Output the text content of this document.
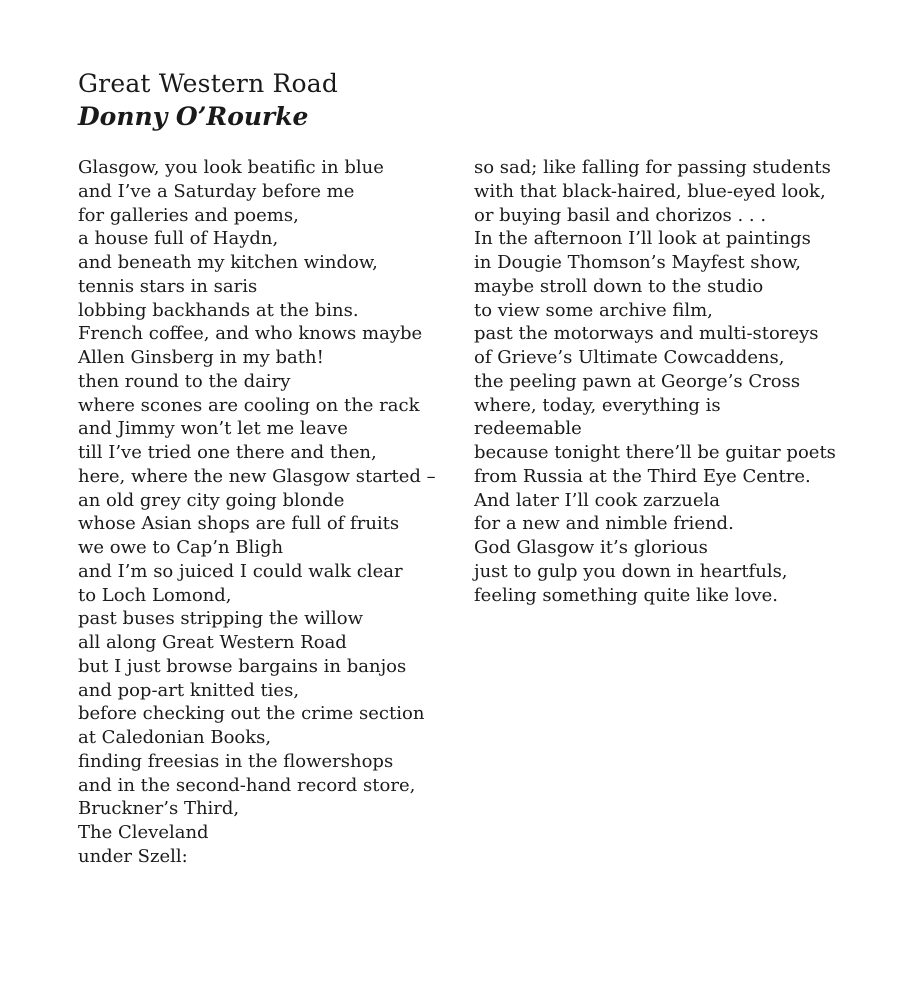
Great Western Road
Donny O’Rourke
Glasgow, you look beatific in blue
and I’ve a Saturday before me
for galleries and poems,
a house full of Haydn,
and beneath my kitchen window,
tennis stars in saris
lobbing backhands at the bins.
French coffee, and who knows maybe
Allen Ginsberg in my bath!
then round to the dairy
where scones are cooling on the rack
and Jimmy won’t let me leave
till I’ve tried one there and then,
here, where the new Glasgow started –
an old grey city going blonde
whose Asian shops are full of fruits
we owe to Cap’n Bligh
and I’m so juiced I could walk clear
to Loch Lomond,
past buses stripping the willow
all along Great Western Road
but I just browse bargains in banjos
and pop-art knitted ties,
before checking out the crime section
at Caledonian Books,
finding freesias in the flowershops
and in the second-hand record store,
Bruckner’s Third,
The Cleveland
under Szell:
so sad; like falling for passing students
with that black-haired, blue-eyed look,
or buying basil and chorizos . . .
In the afternoon I’ll look at paintings
in Dougie Thomson’s Mayfest show,
maybe stroll down to the studio
to view some archive film,
past the motorways and multi-storeys
of Grieve’s Ultimate Cowcaddens,
the peeling pawn at George’s Cross
where, today, everything is
redeemable
because tonight there’ll be guitar poets
from Russia at the Third Eye Centre.
And later I’ll cook zarzuela
for a new and nimble friend.
God Glasgow it’s glorious
just to gulp you down in heartfuls,
feeling something quite like love.
